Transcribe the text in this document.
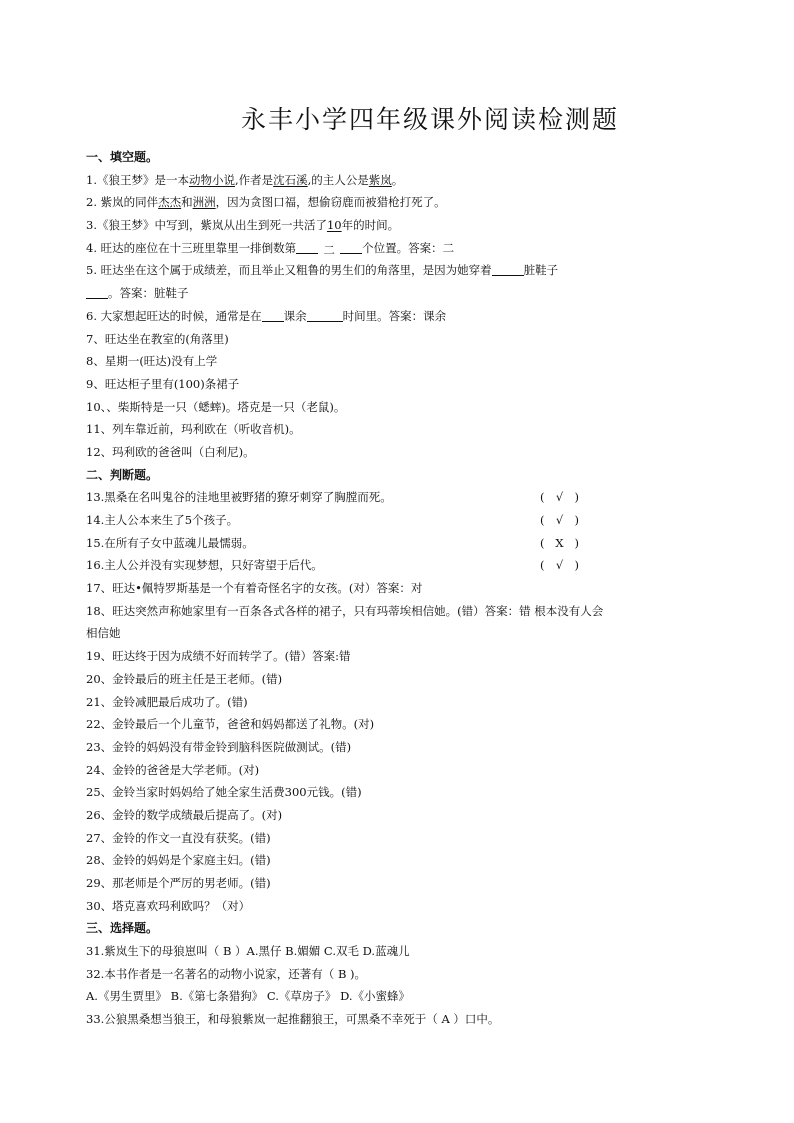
永丰小学四年级课外阅读检测题
一、填空题。
1.《狼王梦》是一本动物小说,作者是沈石溪,的主人公是紫岚。
2. 紫岚的同伴杰杰和洲洲，因为贪图口福，想偷窃鹿而被猎枪打死了。
3.《狼王梦》中写到，紫岚从出生到死一共活了10年的时间。
4. 旺达的座位在十三班里靠里一排倒数第 二 个位置。答案：二
5. 旺达坐在这个属于成绩差，而且举止又粗鲁的男生们的角落里，是因为她穿着	脏鞋子
。答案：脏鞋子
6. 大家想起旺达的时候，通常是在 课余	时间里。答案：课余
7、旺达坐在教室的(角落里)
8、星期一(旺达)没有上学
9、旺达柜子里有(100)条裙子
10、、柴斯特是一只（蟋蟀)。塔克是一只（老鼠)。
11、列车靠近前，玛利欧在（听收音机)。
12、玛利欧的爸爸叫（白利尼)。
二、判断题。
13.黑桑在名叫鬼谷的洼地里被野猪的獠牙刺穿了胸膛而死。	( √ )
14.主人公本来生了5个孩子。	( √ )
15.在所有子女中蓝魂儿最懦弱。	( X )
16.主人公并没有实现梦想，只好寄望于后代。	( √ )
17、旺达•佩特罗斯基是一个有着奇怪名字的女孩。(对）答案：对
18、旺达突然声称她家里有一百条各式各样的裙子，只有玛蒂埃相信她。(错）答案：错 根本没有人会
相信她
19、旺达终于因为成绩不好而转学了。(错）答案:错
20、金铃最后的班主任是王老师。(错)
21、金铃减肥最后成功了。(错)
22、金铃最后一个儿童节，爸爸和妈妈都送了礼物。(对)
23、金铃的妈妈没有带金铃到脑科医院做测试。(错)
24、金铃的爸爸是大学老师。(对)
25、金铃当家时妈妈给了她全家生活费300元钱。(错)
26、金铃的数学成绩最后提高了。(对)
27、金铃的作文一直没有获奖。(错)
28、金铃的妈妈是个家庭主妇。(错)
29、那老师是个严厉的男老师。(错)
30、塔克喜欢玛利欧吗？（对）
三、选择题。
31.紫岚生下的母狼崽叫（ B ）A.黑仔 B.媚媚 C.双毛 D.蓝魂儿
32.本书作者是一名著名的动物小说家，还著有（ B )。
A.《男生贾里》 B.《第七条猎狗》 C.《草房子》 D.《小蜜蜂》
33.公狼黑桑想当狼王，和母狼紫岚一起推翻狼王，可黑桑不幸死于（ A ）口中。
